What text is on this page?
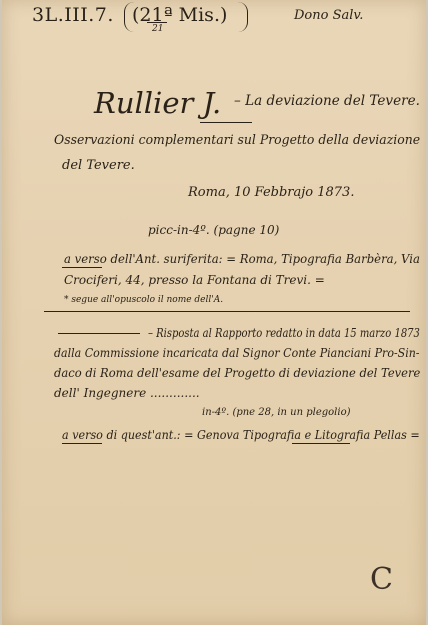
3L.III.7. (21ª Mis.)
21
Dono Salv.
Rullier J. – La deviazione del Tevere.
Osservazioni complementari sul Progetto della deviazione
del Tevere.
Roma, 10 Febbrajo 1873.
picc-in-4º. (pagne 10)
a verso dell'Ant. suriferita: = Roma, Tipografia Barbèra, Via
Crociferi, 44, presso la Fontana di Trevi. =
* segue all'opuscolo il nome dell'A.
– Risposta al Rapporto redatto in data 15 marzo 1873
dalla Commissione incaricata dal Signor Conte Pianciani Pro-Sin-
daco di Roma dell'esame del Progetto di deviazione del Tevere
dell' Ingegnere .............
in-4º. (pne 28, in un plegolio)
a verso di quest'ant.: = Genova Tipografia e Litografia Pellas =
C
